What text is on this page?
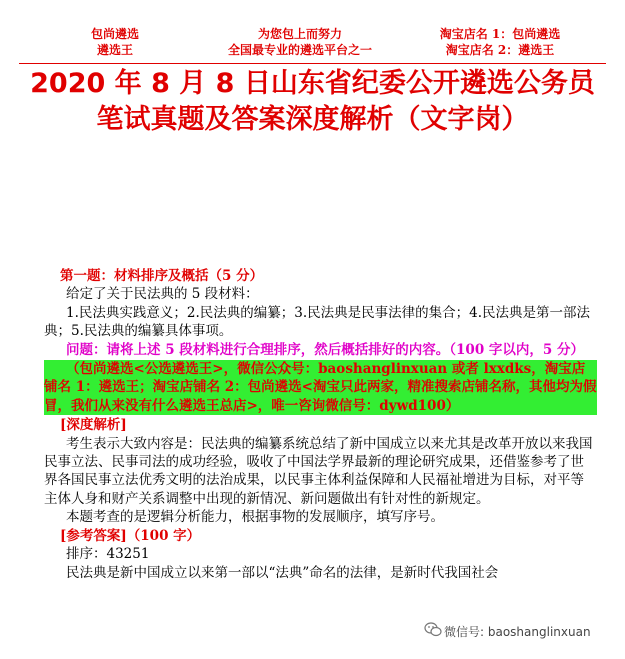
包尚遴选
遴选王
为您包上而努力
全国最专业的遴选平台之一
淘宝店名 1：包尚遴选
淘宝店名 2：遴选王
2020 年 8 月 8 日山东省纪委公开遴选公务员
笔试真题及答案深度解析（文字岗）

第一题：材料排序及概括（5 分）

给定了关于民法典的 5 段材料：

1.民法典实践意义；2.民法典的编纂；3.民法典是民事法律的集合；4.民法典是第一部法典；5.民法典的编纂具体事项。

问题：请将上述 5 段材料进行合理排序，然后概括排好的内容。（100 字以内，5 分）

（包尚遴选<公选遴选王>，微信公众号：baoshanglinxuan 或者 lxxdks，淘宝店铺名 1：遴选王；淘宝店铺名 2：包尚遴选<淘宝只此两家，精准搜索店铺名称，其他均为假冒，我们从来没有什么遴选王总店>，唯一咨询微信号：dywd100）

[深度解析]

考生表示大致内容是：民法典的编纂系统总结了新中国成立以来尤其是改革开放以来我国民事立法、民事司法的成功经验，吸收了中国法学界最新的理论研究成果，还借鉴参考了世界各国民事立法优秀文明的法治成果，以民事主体利益保障和人民福祉增进为目标，对平等主体人身和财产关系调整中出现的新情况、新问题做出有针对性的新规定。

本题考查的是逻辑分析能力，根据事物的发展顺序，填写序号。

[参考答案]（100 字）

排序：43251

民法典是新中国成立以来第一部以“法典”命名的法律，是新时代我国社会

微信号: baoshanglinxuan
